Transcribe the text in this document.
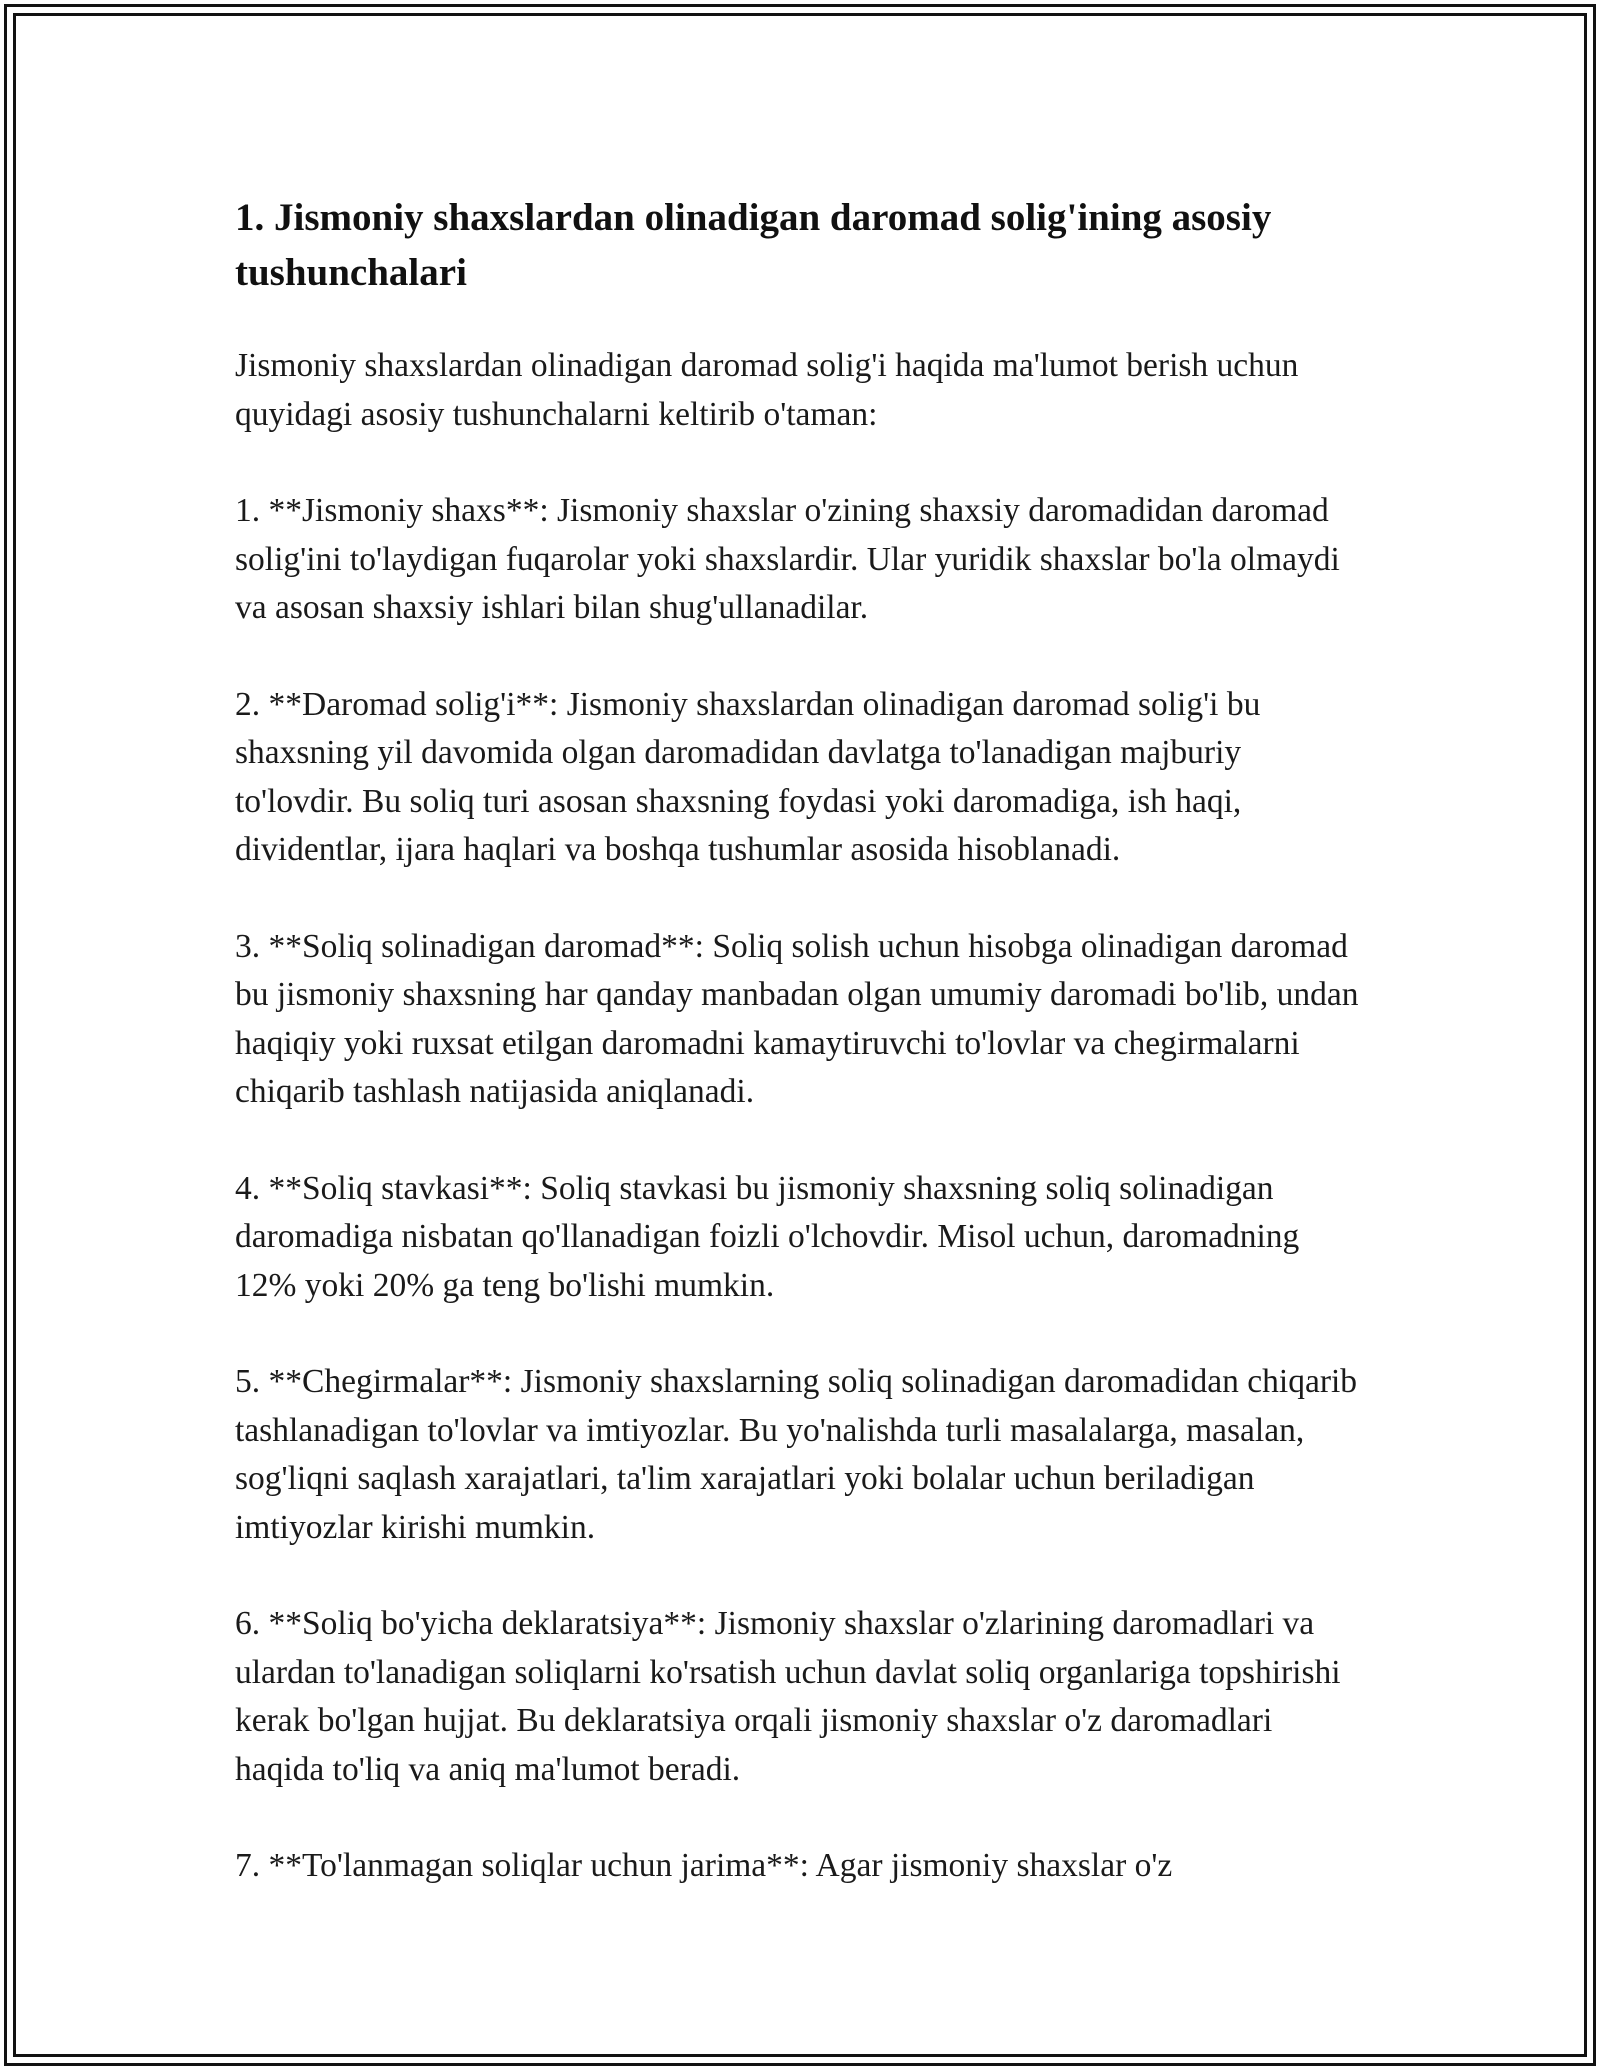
1. Jismoniy shaxslardan olinadigan daromad solig'ining asosiy tushunchalari

Jismoniy shaxslardan olinadigan daromad solig'i haqida ma'lumot berish uchun quyidagi asosiy tushunchalarni keltirib o'taman:

1. **Jismoniy shaxs**: Jismoniy shaxslar o'zining shaxsiy daromadidan daromad solig'ini to'laydigan fuqarolar yoki shaxslardir. Ular yuridik shaxslar bo'la olmaydi va asosan shaxsiy ishlari bilan shug'ullanadilar.

2. **Daromad solig'i**: Jismoniy shaxslardan olinadigan daromad solig'i bu shaxsning yil davomida olgan daromadidan davlatga to'lanadigan majburiy to'lovdir. Bu soliq turi asosan shaxsning foydasi yoki daromadiga, ish haqi, dividentlar, ijara haqlari va boshqa tushumlar asosida hisoblanadi.

3. **Soliq solinadigan daromad**: Soliq solish uchun hisobga olinadigan daromad bu jismoniy shaxsning har qanday manbadan olgan umumiy daromadi bo'lib, undan haqiqiy yoki ruxsat etilgan daromadni kamaytiruvchi to'lovlar va chegirmalarni chiqarib tashlash natijasida aniqlanadi.

4. **Soliq stavkasi**: Soliq stavkasi bu jismoniy shaxsning soliq solinadigan daromadiga nisbatan qo'llanadigan foizli o'lchovdir. Misol uchun, daromadning 12% yoki 20% ga teng bo'lishi mumkin.

5. **Chegirmalar**: Jismoniy shaxslarning soliq solinadigan daromadidan chiqarib tashlanadigan to'lovlar va imtiyozlar. Bu yo'nalishda turli masalalarga, masalan, sog'liqni saqlash xarajatlari, ta'lim xarajatlari yoki bolalar uchun beriladigan imtiyozlar kirishi mumkin.

6. **Soliq bo'yicha deklaratsiya**: Jismoniy shaxslar o'zlarining daromadlari va ulardan to'lanadigan soliqlarni ko'rsatish uchun davlat soliq organlariga topshirishi kerak bo'lgan hujjat. Bu deklaratsiya orqali jismoniy shaxslar o'z daromadlari haqida to'liq va aniq ma'lumot beradi.

7. **To'lanmagan soliqlar uchun jarima**: Agar jismoniy shaxslar o'z
